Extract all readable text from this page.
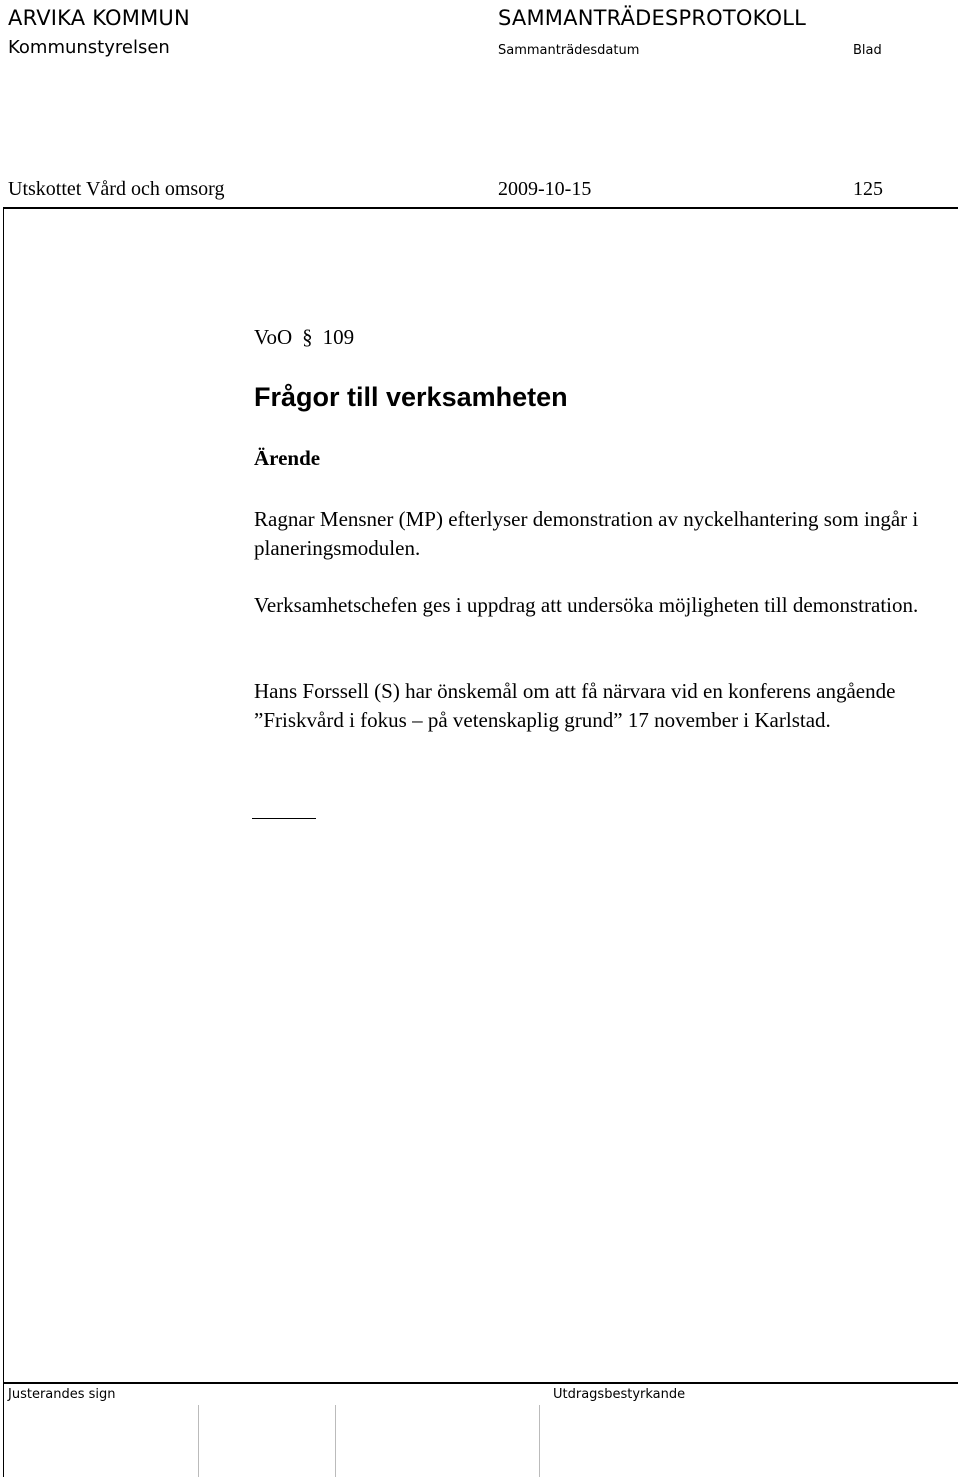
ARVIKA KOMMUN
Kommunstyrelsen
SAMMANTRÄDESPROTOKOLL
Sammanträdesdatum	Blad
Utskottet Vård och omsorg	2009-10-15	125
VoO § 109
Frågor till verksamheten
Ärende

Ragnar Mensner (MP) efterlyser demonstration av nyckelhantering som ingår i planeringsmodulen.

Verksamhetschefen ges i uppdrag att undersöka möjligheten till demonstration.

Hans Forssell (S) har önskemål om att få närvara vid en konferens angående ”Friskvård i fokus – på vetenskaplig grund” 17 november i Karlstad.

Justerandes sign	Utdragsbestyrkande
